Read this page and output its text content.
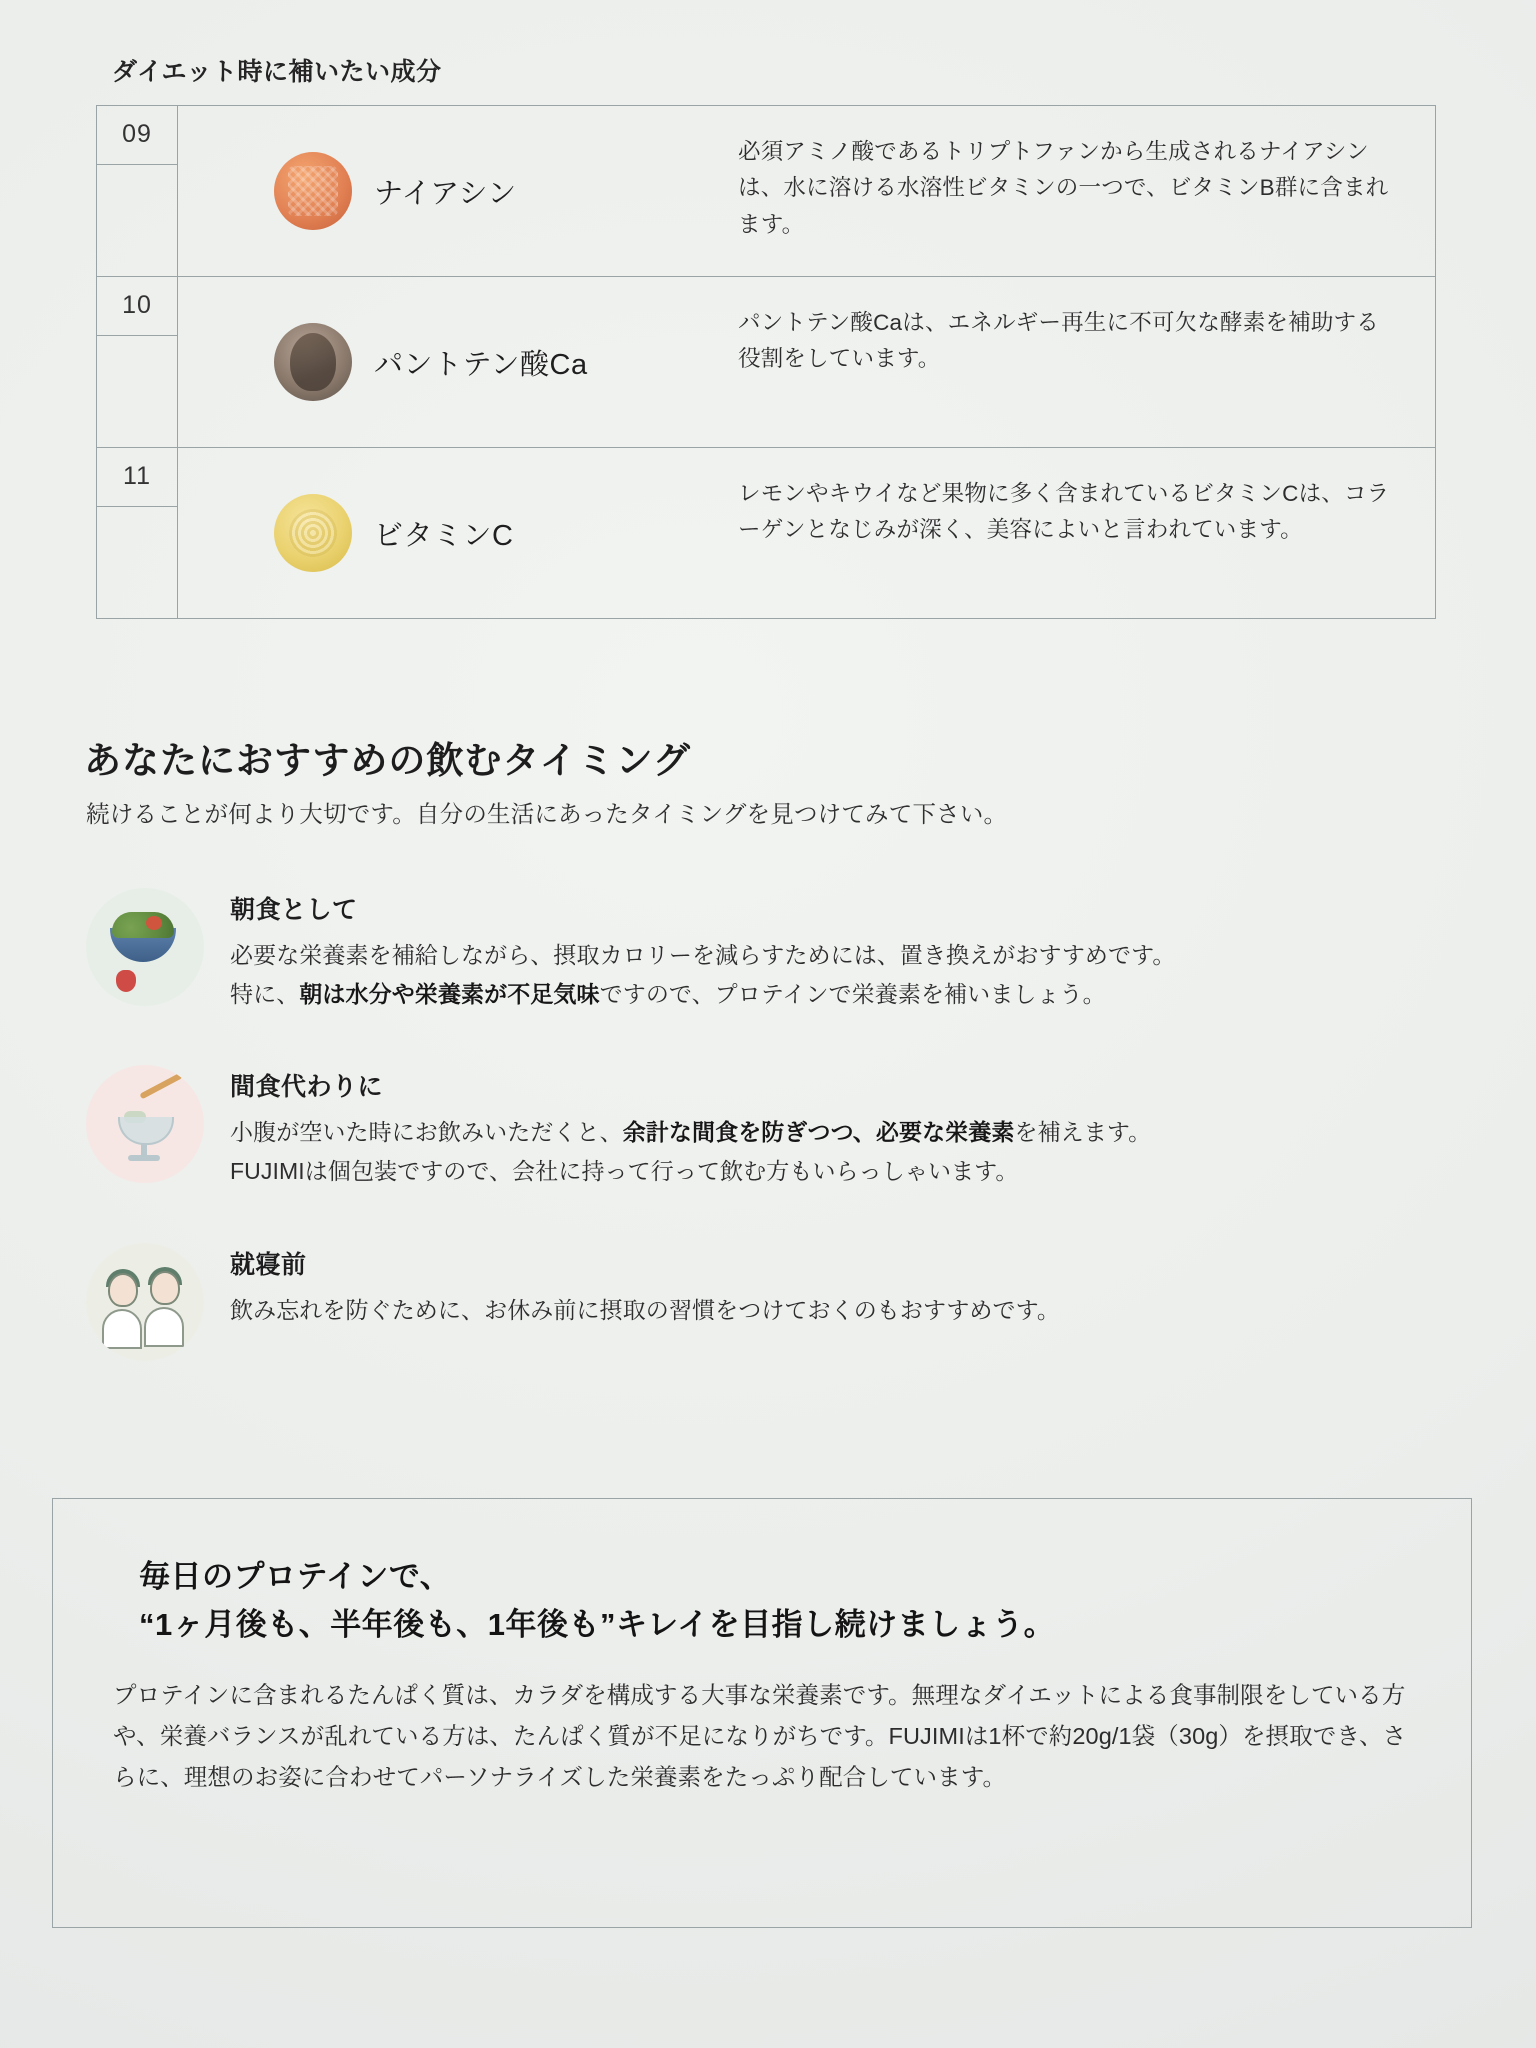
ダイエット時に補いたい成分
09
ナイアシン
必須アミノ酸であるトリプトファンから生成されるナイアシンは、水に溶ける水溶性ビタミンの一つで、ビタミンB群に含まれます。
10
パントテン酸Ca
パントテン酸Caは、エネルギー再生に不可欠な酵素を補助する役割をしています。
11
ビタミンC
レモンやキウイなど果物に多く含まれているビタミンCは、コラーゲンとなじみが深く、美容によいと言われています。
あなたにおすすめの飲むタイミング
続けることが何より大切です。自分の生活にあったタイミングを見つけてみて下さい。
朝食として
必要な栄養素を補給しながら、摂取カロリーを減らすためには、置き換えがおすすめです。
特に、朝は水分や栄養素が不足気味ですので、プロテインで栄養素を補いましょう。
間食代わりに
小腹が空いた時にお飲みいただくと、余計な間食を防ぎつつ、必要な栄養素を補えます。
FUJIMIは個包装ですので、会社に持って行って飲む方もいらっしゃいます。
就寝前
飲み忘れを防ぐために、お休み前に摂取の習慣をつけておくのもおすすめです。
毎日のプロテインで、
“1ヶ月後も、半年後も、1年後も”キレイを目指し続けましょう。
プロテインに含まれるたんぱく質は、カラダを構成する大事な栄養素です。無理なダイエットによる食事制限をしている方や、栄養バランスが乱れている方は、たんぱく質が不足になりがちです。FUJIMIは1杯で約20g/1袋（30g）を摂取でき、さらに、理想のお姿に合わせてパーソナライズした栄養素をたっぷり配合しています。
